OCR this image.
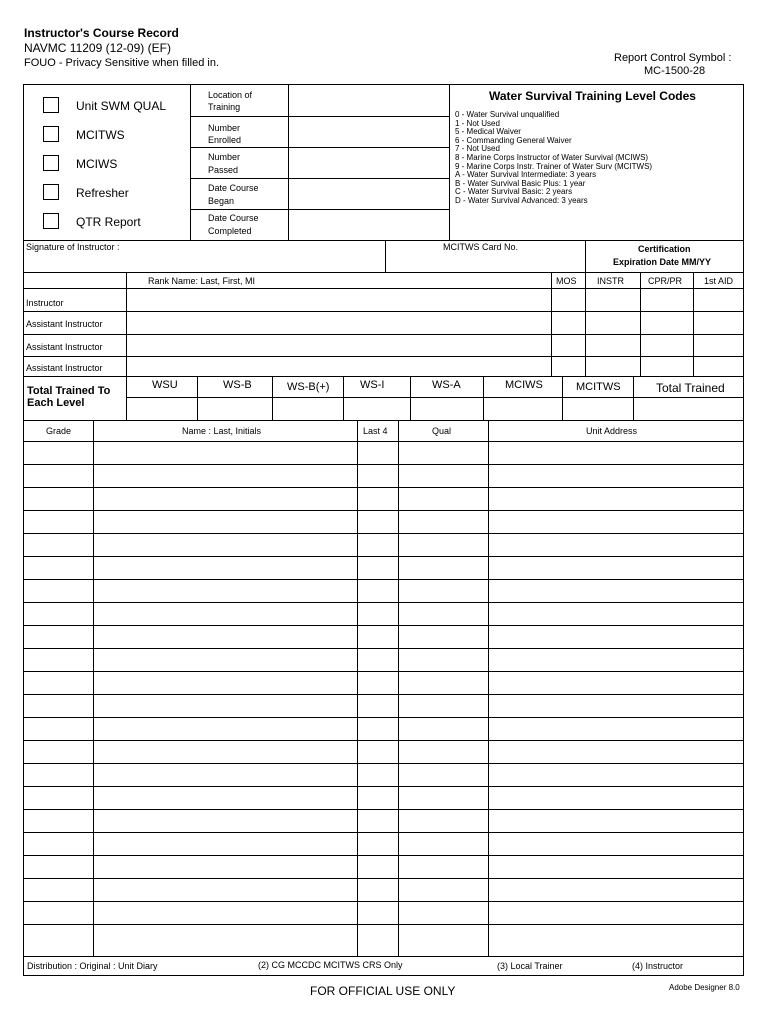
Instructor's Course Record
NAVMC 11209 (12-09) (EF)
FOUO - Privacy Sensitive when filled in.	Report Control Symbol :
MC-1500-28
Unit SWM QUAL
MCITWS
MCIWS
Refresher
QTR Report
Location of
Training
Number
Enrolled
Number
Passed
Date Course
Began
Date Course
Completed
Water Survival Training Level Codes
0 - Water Survival unqualified
1 - Not Used
5 - Medical Waiver
6 - Commanding General Waiver
7 - Not Used
8 - Marine Corps Instructor of Water Survival (MCIWS)
9 - Marine Corps Instr. Trainer of Water Surv (MCITWS)
A - Water Survival Intermediate: 3 years
B - Water Survival Basic Plus: 1 year
C - Water Survival Basic: 2 years
D - Water Survival Advanced: 3 years
Signature of Instructor :	MCITWS Card No.	Certification
Expiration Date MM/YY
Rank Name: Last, First, MI	MOS INSTR	CPR/PR 1st AID
Instructor
Assistant Instructor
Assistant Instructor
Assistant Instructor
Total Trained To
Each Level
WSU	WS-B	WS-B(+)	WS-I	WS-A	MCIWS	MCITWS	Total Trained
Grade	Name : Last, Initials	Last 4	Qual	Unit Address
Distribution : Original : Unit Diary	(2) CG MCCDC MCITWS CRS Only	(3) Local Trainer	(4) Instructor
FOR OFFICIAL USE ONLY	Adobe Designer 8.0
